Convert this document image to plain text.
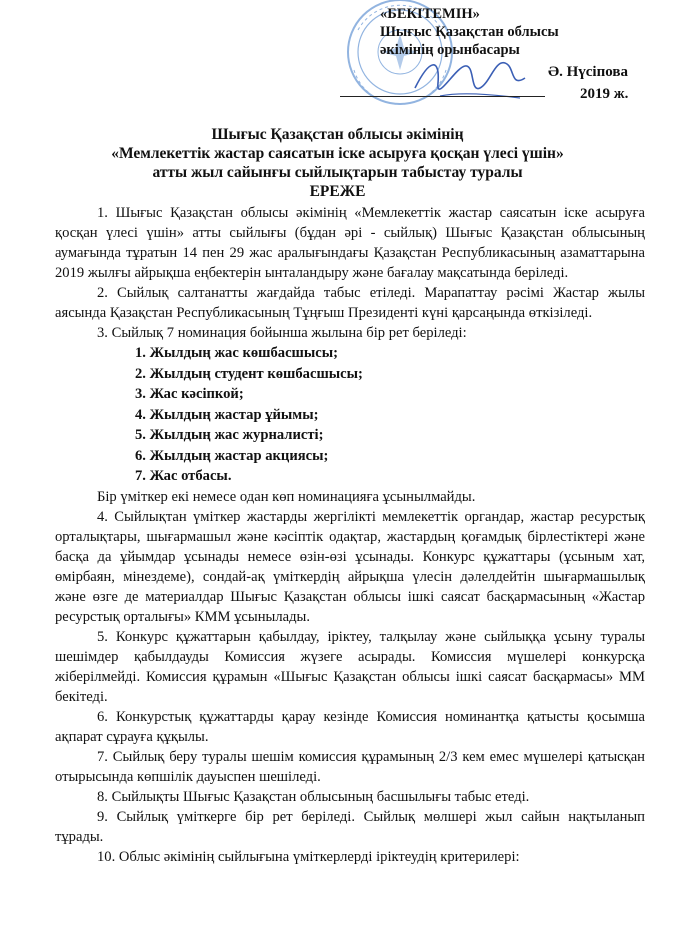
«БЕКІТЕМІН»
Шығыс Қазақстан облысы
әкімінің орынбасары
Ә. Нүсіпова
2019 ж.
Шығыс Қазақстан облысы әкімінің
«Мемлекеттік жастар саясатын іске асыруға қосқан үлесі үшін»
атты жыл сайынғы сыйлықтарын табыстау туралы
ЕРЕЖЕ

1. Шығыс Қазақстан облысы әкімінің «Мемлекеттік жастар саясатын іске асыруға қосқан үлесі үшін» атты сыйлығы (бұдан әрі - сыйлық) Шығыс Қазақстан облысының аумағында тұратын 14 пен 29 жас аралығындағы Қазақстан Республикасының азаматтарына 2019 жылғы айрықша еңбектерін ынталандыру және бағалау мақсатында беріледі.

2. Сыйлық салтанатты жағдайда табыс етіледі. Марапаттау рәсімі Жастар жылы аясында Қазақстан Республикасының Тұңғыш Президенті күні қарсаңында өткізіледі.

3. Сыйлық 7 номинация бойынша жылына бір рет беріледі:

1. Жылдың жас көшбасшысы;
2. Жылдың студент көшбасшысы;
3. Жас кәсіпкой;
4. Жылдың жастар ұйымы;
5. Жылдың жас журналисті;
6. Жылдың жастар акциясы;
7. Жас отбасы.

Бір үміткер екі немесе одан көп номинацияға ұсынылмайды.

4. Сыйлықтан үміткер жастарды жергілікті мемлекеттік органдар, жастар ресурстық орталықтары, шығармашыл және кәсіптік одақтар, жастардың қоғамдық бірлестіктері және басқа да ұйымдар ұсынады немесе өзін-өзі ұсынады. Конкурс құжаттары (ұсыным хат, өмірбаян, мінездеме), сондай-ақ үміткердің айрықша үлесін дәлелдейтін шығармашылық және өзге де материалдар Шығыс Қазақстан облысы ішкі саясат басқармасының «Жастар ресурстық орталығы» КММ ұсынылады.

5. Конкурс құжаттарын қабылдау, іріктеу, талқылау және сыйлыққа ұсыну туралы шешімдер қабылдауды Комиссия жүзеге асырады. Комиссия мүшелері конкурсқа жіберілмейді. Комиссия құрамын «Шығыс Қазақстан облысы ішкі саясат басқармасы» ММ бекітеді.

6. Конкурстық құжаттарды қарау кезінде Комиссия номинантқа қатысты қосымша ақпарат сұрауға құқылы.

7. Сыйлық беру туралы шешім комиссия құрамының 2/3 кем емес мүшелері қатысқан отырысында көпшілік дауыспен шешіледі.

8. Сыйлықты Шығыс Қазақстан облысының басшылығы табыс етеді.

9. Сыйлық үміткерге бір рет беріледі. Сыйлық мөлшері жыл сайын нақтыланып тұрады.

10. Облыс әкімінің сыйлығына үміткерлерді іріктеудің критерилері:
